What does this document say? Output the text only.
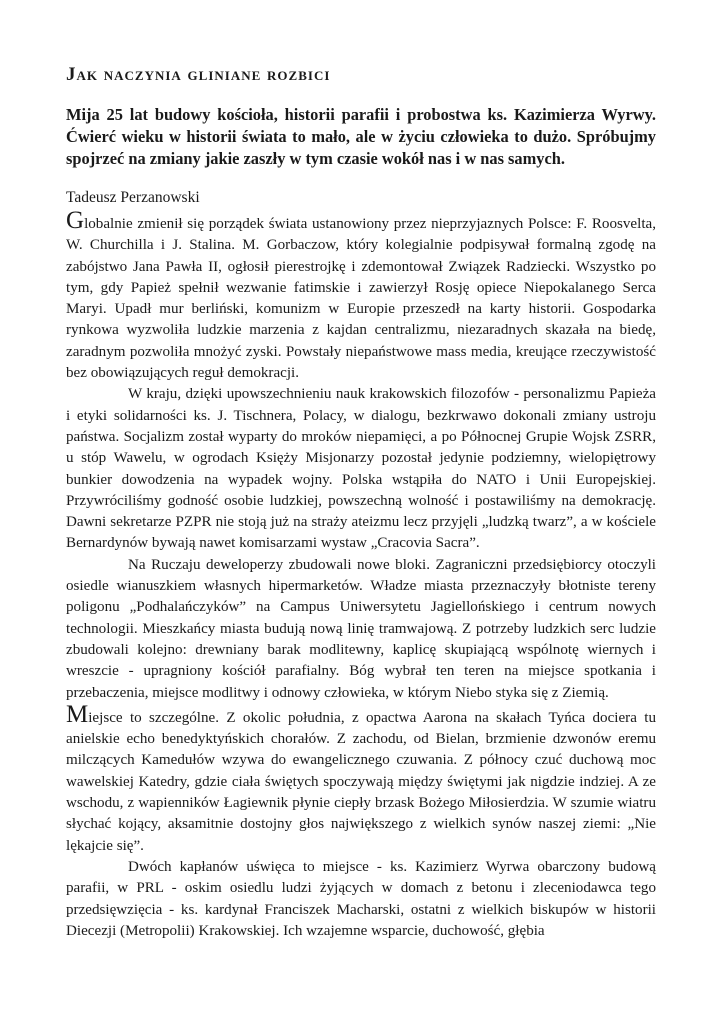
Jak naczynia gliniane rozbici

Mija 25 lat budowy kościoła, historii parafii i probostwa ks. Kazimierza Wyrwy. Ćwierć wieku w historii świata to mało, ale w życiu człowieka to dużo. Spróbujmy spojrzeć na zmiany jakie zaszły w tym czasie wokół nas i w nas samych.

Tadeusz Perzanowski

Globalnie zmienił się porządek świata ustanowiony przez nieprzyjaznych Polsce: F. Roosvelta, W. Churchilla i J. Stalina. M. Gorbaczow, który kolegialnie podpisywał formalną zgodę na zabójstwo Jana Pawła II, ogłosił pierestrojkę i zdemontował Związek Radziecki. Wszystko po tym, gdy Papież spełnił wezwanie fatimskie i zawierzył Rosję opiece Niepokalanego Serca Maryi. Upadł mur berliński, komunizm w Europie przeszedł na karty historii. Gospodarka rynkowa wyzwoliła ludzkie marzenia z kajdan centralizmu, niezaradnych skazała na biedę, zaradnym pozwoliła mnożyć zyski. Powstały niepaństwowe mass media, kreujące rzeczywistość bez obowiązujących reguł demokracji.

W kraju, dzięki upowszechnieniu nauk krakowskich filozofów - personalizmu Papieża i etyki solidarności ks. J. Tischnera, Polacy, w dialogu, bezkrwawo dokonali zmiany ustroju państwa. Socjalizm został wyparty do mroków niepamięci, a po Północnej Grupie Wojsk ZSRR, u stóp Wawelu, w ogrodach Księży Misjonarzy pozostał jedynie podziemny, wielopiętrowy bunkier dowodzenia na wypadek wojny. Polska wstąpiła do NATO i Unii Europejskiej. Przywróciliśmy godność osobie ludzkiej, powszechną wolność i postawiliśmy na demokrację. Dawni sekretarze PZPR nie stoją już na straży ateizmu lecz przyjęli „ludzką twarz”, a w kościele Bernardynów bywają nawet komisarzami wystaw „Cracovia Sacra”.

Na Ruczaju deweloperzy zbudowali nowe bloki. Zagraniczni przedsiębiorcy otoczyli osiedle wianuszkiem własnych hipermarketów. Władze miasta przeznaczyły błotniste tereny poligonu „Podhalańczyków” na Campus Uniwersytetu Jagiellońskiego i centrum nowych technologii. Mieszkańcy miasta budują nową linię tramwajową. Z potrzeby ludzkich serc ludzie zbudowali kolejno: drewniany barak modlitewny, kaplicę skupiającą wspólnotę wiernych i wreszcie - upragniony kościół parafialny. Bóg wybrał ten teren na miejsce spotkania i przebaczenia, miejsce modlitwy i odnowy człowieka, w którym Niebo styka się z Ziemią.

Miejsce to szczególne. Z okolic południa, z opactwa Aarona na skałach Tyńca dociera tu anielskie echo benedyktyńskich chorałów. Z zachodu, od Bielan, brzmienie dzwonów eremu milczących Kamedułów wzywa do ewangelicznego czuwania. Z północy czuć duchową moc wawelskiej Katedry, gdzie ciała świętych spoczywają między świętymi jak nigdzie indziej. A ze wschodu, z wapienników Łagiewnik płynie ciepły brzask Bożego Miłosierdzia. W szumie wiatru słychać kojący, aksamitnie dostojny głos największego z wielkich synów naszej ziemi: „Nie lękajcie się”.

Dwóch kapłanów uświęca to miejsce - ks. Kazimierz Wyrwa obarczony budową parafii, w PRL - oskim osiedlu ludzi żyjących w domach z betonu i zleceniodawca tego przedsięwzięcia - ks. kardynał Franciszek Macharski, ostatni z wielkich biskupów w historii Diecezji (Metropolii) Krakowskiej. Ich wzajemne wsparcie, duchowość, głębia
